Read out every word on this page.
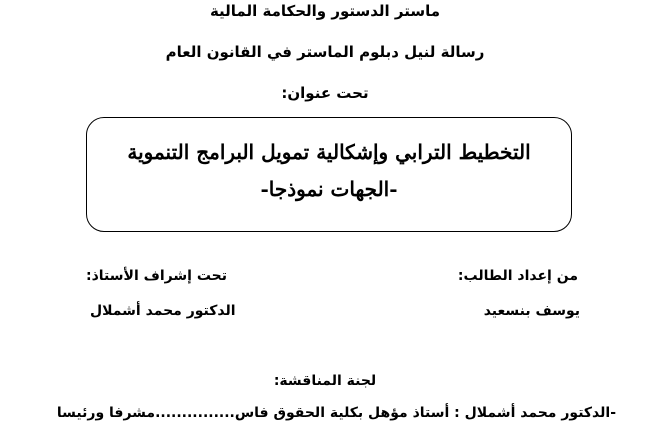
ماستر الدستور والحكامة المالية
رسالة لنيل دبلوم الماستر في القانون العام
تحت عنوان:
التخطيط الترابي وإشكالية تمويل البرامج التنموية
-الجهات نموذجا-
من إعداد الطالب:
تحت إشراف الأستاذ:
يوسف بنسعيد
الدكتور محمد أشملال
لجنة المناقشة:
-الدكتور محمد أشملال : أستاذ مؤهل بكلية الحقوق فاس...............مشرفا ورئيسا
